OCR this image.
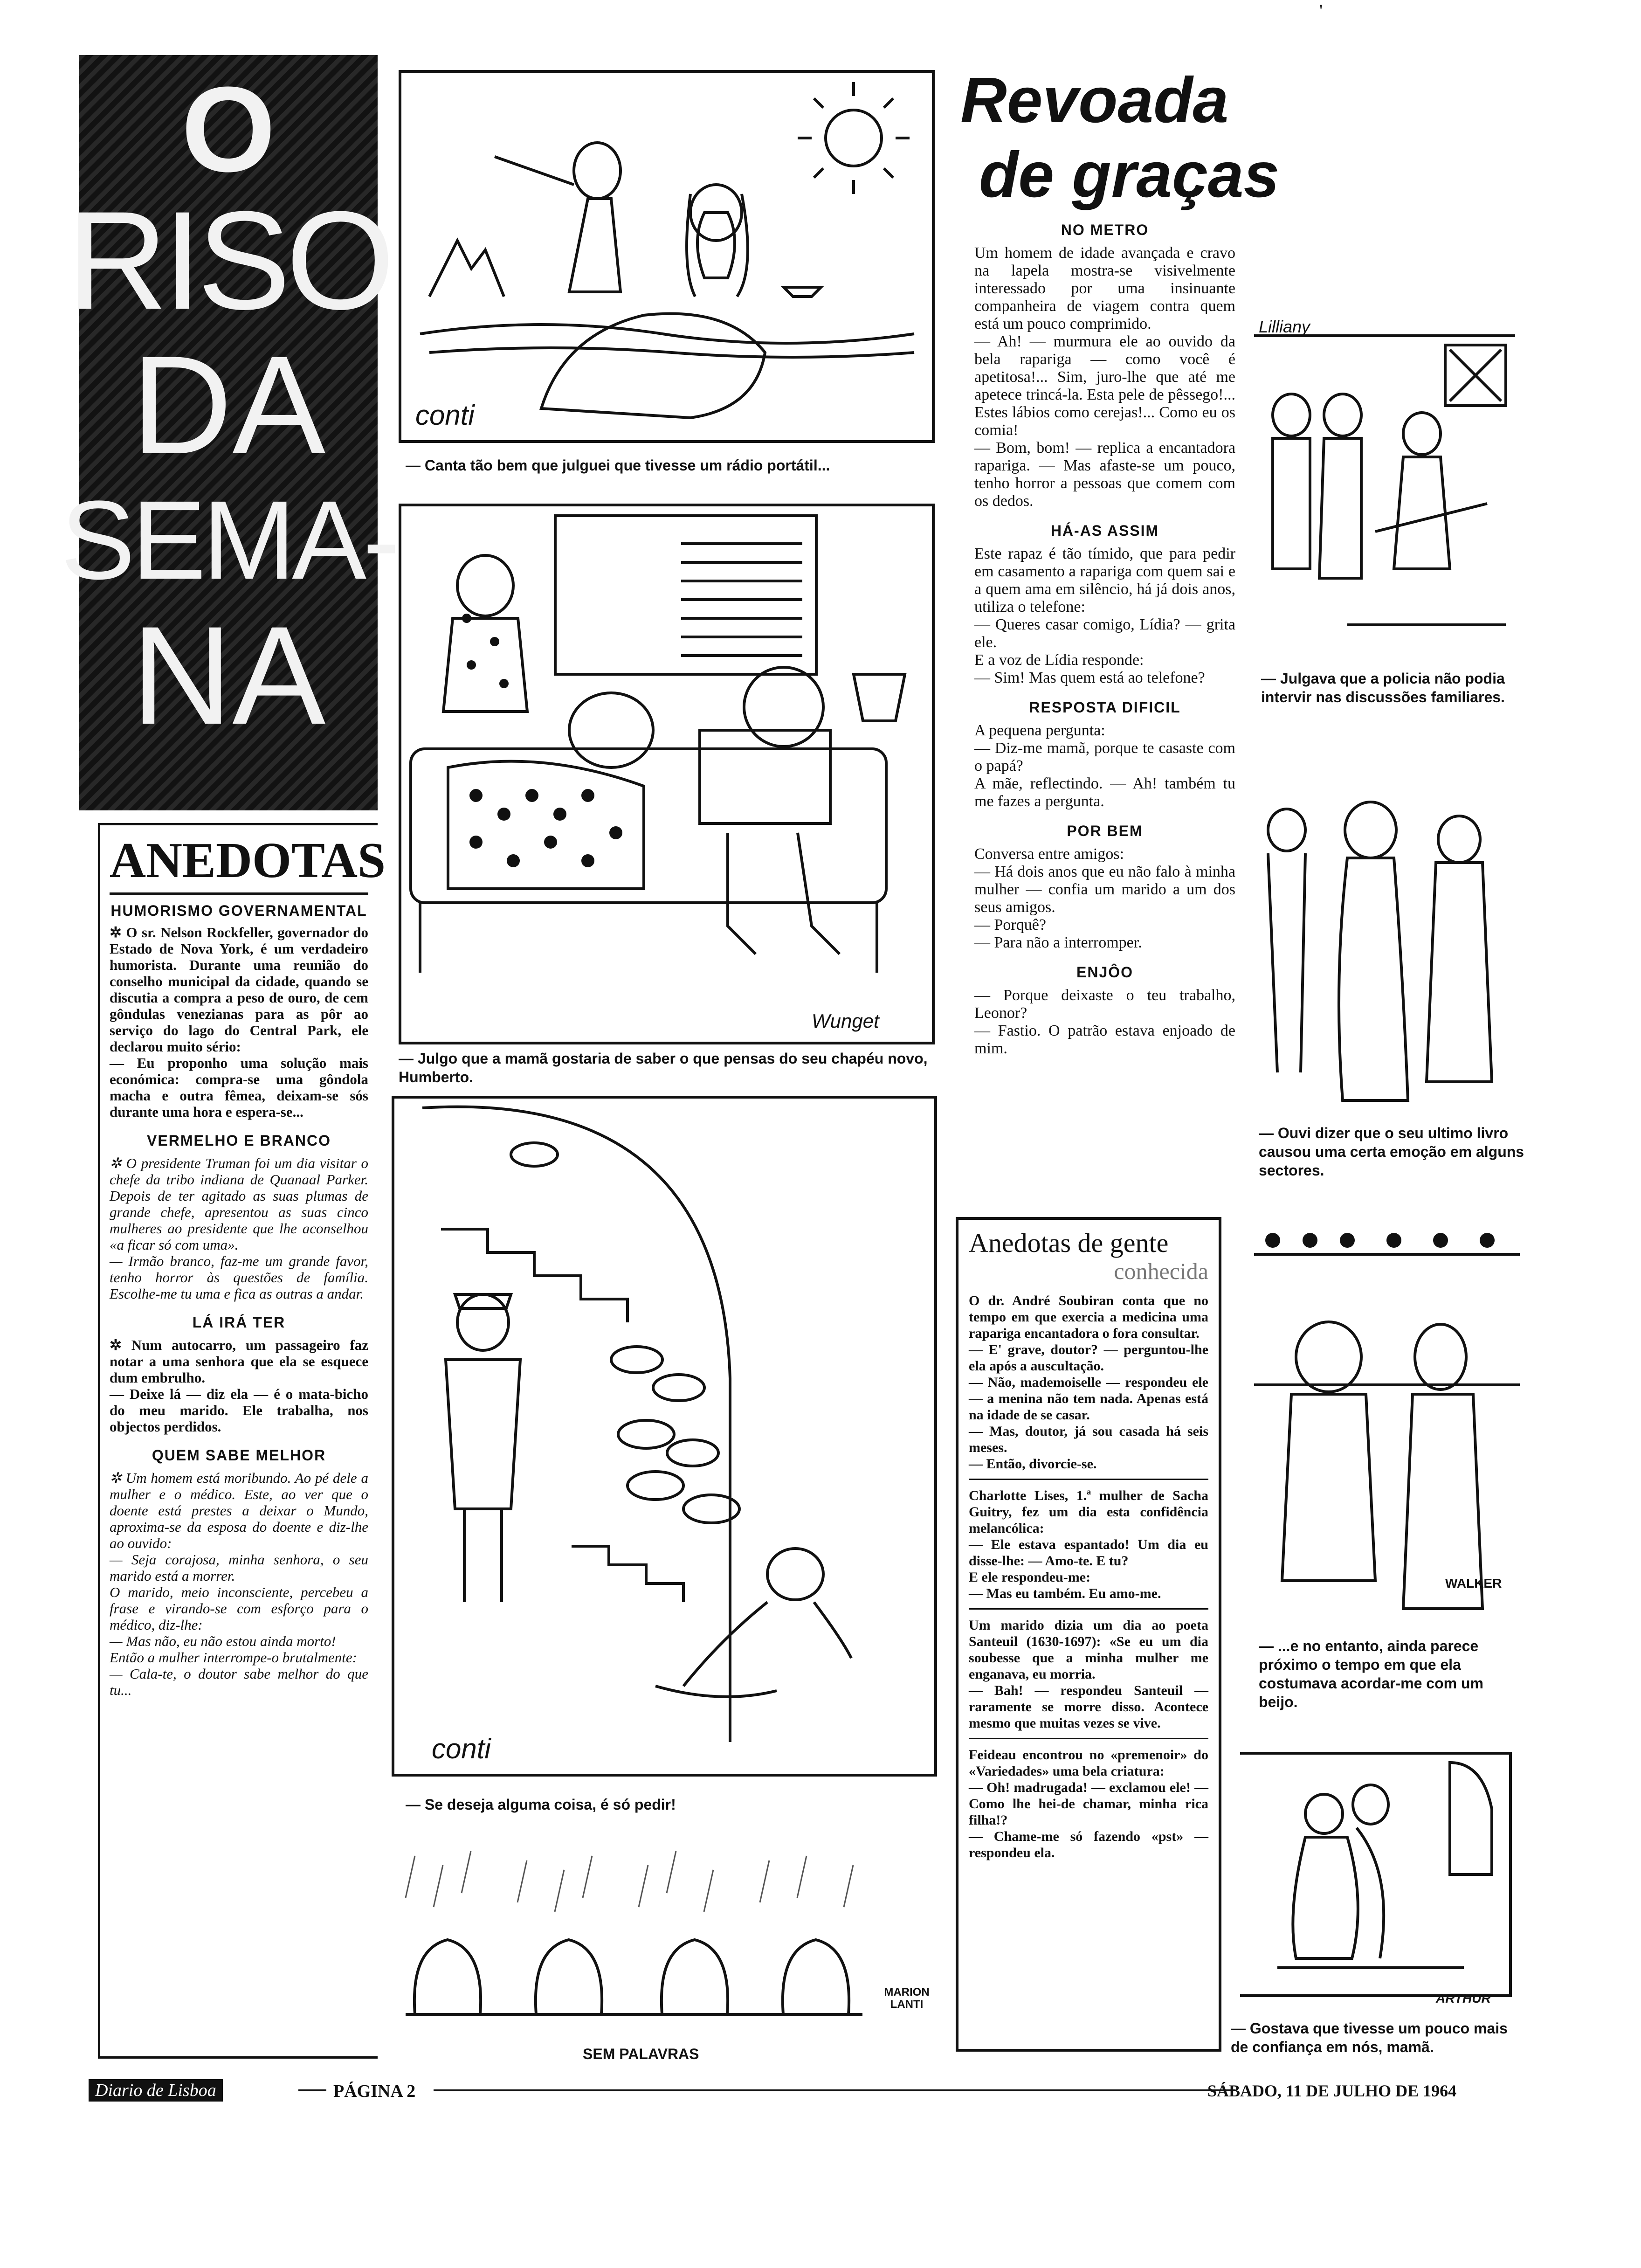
'
O
RISO
DA
SEMA-
NA
ANEDOTAS
HUMORISMO GOVERNAMENTAL

✲ O sr. Nelson Rockfeller, governador do Estado de Nova York, é um verdadeiro humorista. Durante uma reunião do conselho municipal da cidade, quando se discutia a compra a peso de ouro, de cem gôndulas venezianas para as pôr ao serviço do lago do Central Park, ele declarou muito sério:
— Eu proponho uma solução mais económica: compra-se uma gôndola macha e outra fêmea, deixam-se sós durante uma hora e espera-se...

VERMELHO E BRANCO

✲ O presidente Truman foi um dia visitar o chefe da tribo indiana de Quanaal Parker. Depois de ter agitado as suas plumas de grande chefe, apresentou as suas cinco mulheres ao presidente que lhe aconselhou «a ficar só com uma».
— Irmão branco, faz-me um grande favor, tenho horror às questões de família. Escolhe-me tu uma e fica as outras a andar.

LÁ IRÁ TER

✲ Num autocarro, um passageiro faz notar a uma senhora que ela se esquece dum embrulho.
— Deixe lá — diz ela — é o mata-bicho do meu marido. Ele trabalha, nos objectos perdidos.

QUEM SABE MELHOR

✲ Um homem está moribundo. Ao pé dele a mulher e o médico. Este, ao ver que o doente está prestes a deixar o Mundo, aproxima-se da esposa do doente e diz-lhe ao ouvido:
— Seja corajosa, minha senhora, o seu marido está a morrer.
O marido, meio inconsciente, percebeu a frase e virando-se com esforço para o médico, diz-lhe:
— Mas não, eu não estou ainda morto!
Então a mulher interrompe-o brutalmente:
— Cala-te, o doutor sabe melhor do que tu...

conti
— Canta tão bem que julguei que tivesse um rádio portátil...
Wunget
— Julgo que a mamã gostaria de saber o que pensas do seu chapéu novo, Humberto.
conti
— Se deseja alguma coisa, é só pedir!
MARION LANTI
SEM PALAVRAS
Revoada
de graças
NO METRO

Um homem de idade avançada e cravo na lapela mostra-se visivelmente interessado por uma insinuante companheira de viagem contra quem está um pouco comprimido.
— Ah! — murmura ele ao ouvido da bela rapariga — como você é apetitosa!... Sim, juro-lhe que até me apetece trincá-la. Esta pele de pêssego!... Estes lábios como cerejas!... Como eu os comia!
— Bom, bom! — replica a encantadora rapariga. — Mas afaste-se um pouco, tenho horror a pessoas que comem com os dedos.

HÁ-AS ASSIM

Este rapaz é tão tímido, que para pedir em casamento a rapariga com quem sai e a quem ama em silêncio, há já dois anos, utiliza o telefone:
— Queres casar comigo, Lídia? — grita ele.
E a voz de Lídia responde:
— Sim! Mas quem está ao telefone?

RESPOSTA DIFICIL

A pequena pergunta:
— Diz-me mamã, porque te casaste com o papá?
A mãe, reflectindo. — Ah! também tu me fazes a pergunta.

POR BEM

Conversa entre amigos:
— Há dois anos que eu não falo à minha mulher — confia um marido a um dos seus amigos.
— Porquê?
— Para não a interromper.

ENJÔO

— Porque deixaste o teu trabalho, Leonor?
— Fastio. O patrão estava enjoado de mim.

Anedotas de gente
conhecida

O dr. André Soubiran conta que no tempo em que exercia a medicina uma rapariga encantadora o fora consultar.
— E' grave, doutor? — perguntou-lhe ela após a auscultação.
— Não, mademoiselle — respondeu ele — a menina não tem nada. Apenas está na idade de se casar.
— Mas, doutor, já sou casada há seis meses.
— Então, divorcie-se.

Charlotte Lises, 1.ª mulher de Sacha Guitry, fez um dia esta confidência melancólica:
— Ele estava espantado! Um dia eu disse-lhe: — Amo-te. E tu?
E ele respondeu-me:
— Mas eu também. Eu amo-me.

Um marido dizia um dia ao poeta Santeuil (1630-1697): «Se eu um dia soubesse que a minha mulher me enganava, eu morria.
— Bah! — respondeu Santeuil — raramente se morre disso. Acontece mesmo que muitas vezes se vive.

Feideau encontrou no «premenoir» do «Variedades» uma bela criatura:
— Oh! madrugada! — exclamou ele! — Como lhe hei-de chamar, minha rica filha!?
— Chame-me só fazendo «pst» — respondeu ela.

Lilliany
— Julgava que a policia não podia intervir nas discussões familiares.
— Ouvi dizer que o seu ultimo livro causou uma certa emoção em alguns sectores.
WALKER
— ...e no entanto, ainda parece próximo o tempo em que ela costumava acordar-me com um beijo.
ARTHUR
— Gostava que tivesse um pouco mais de confiança em nós, mamã.
Diario de Lisboa	PÁGINA 2	SÁBADO, 11 DE JULHO DE 1964
